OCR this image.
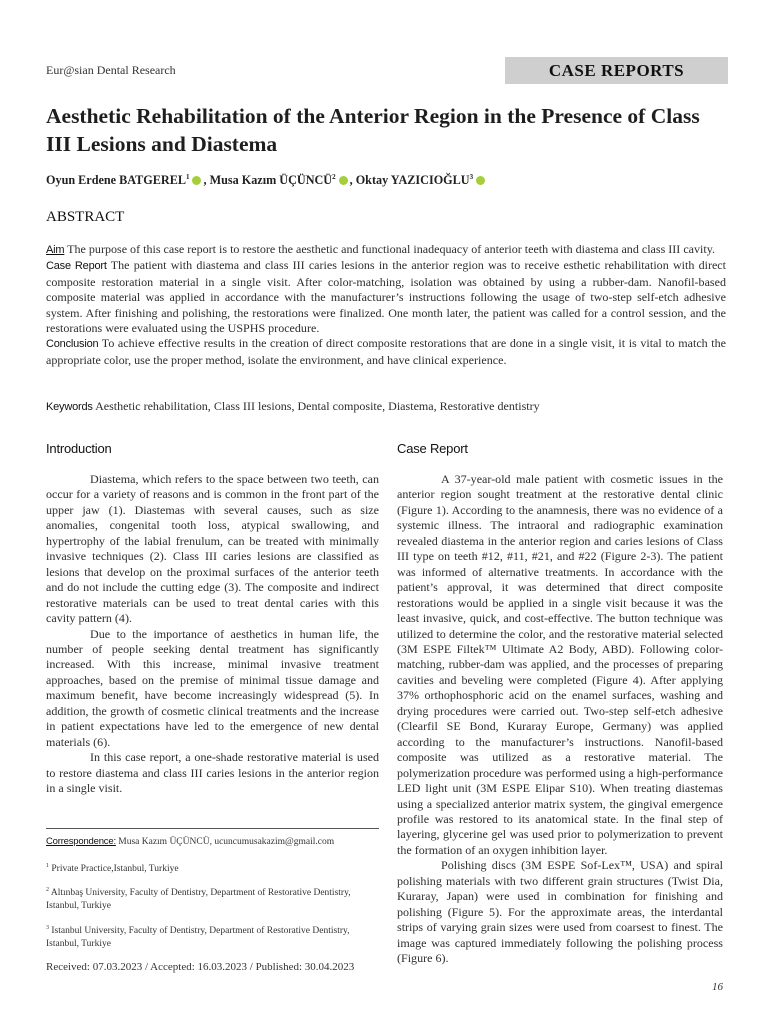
Eur@sian Dental Research	CASE REPORTS
Aesthetic Rehabilitation of the Anterior Region in the Presence of Class III Lesions and Diastema
Oyun Erdene BATGEREL$^1$ , Musa Kazım ÜÇÜNCÜ$^2$ , Oktay YAZICIOĞLU$^3$
ABSTRACT

Aim The purpose of this case report is to restore the aesthetic and functional inadequacy of anterior teeth with diastema and class III cavity.

Case Report The patient with diastema and class III caries lesions in the anterior region was to receive esthetic rehabilitation with direct composite restoration material in a single visit. After color-matching, isolation was obtained by using a rubber-dam. Nanofil-based composite material was applied in accordance with the manufacturer’s instructions following the usage of two-step self-etch adhesive system. After finishing and polishing, the restorations were finalized. One month later, the patient was called for a control session, and the restorations were evaluated using the USPHS procedure.

Conclusion To achieve effective results in the creation of direct composite restorations that are done in a single visit, it is vital to match the appropriate color, use the proper method, isolate the environment, and have clinical experience.

Keywords Aesthetic rehabilitation, Class III lesions, Dental composite, Diastema, Restorative dentistry
Introduction

Diastema, which refers to the space between two teeth, can occur for a variety of reasons and is common in the front part of the upper jaw (1). Diastemas with several causes, such as size anomalies, congenital tooth loss, atypical swallowing, and hypertrophy of the labial frenulum, can be treated with minimally invasive techniques (2). Class III caries lesions are classified as lesions that develop on the proximal surfaces of the anterior teeth and do not include the cutting edge (3). The composite and indirect restorative materials can be used to treat dental caries with this cavity pattern (4).

Due to the importance of aesthetics in human life, the number of people seeking dental treatment has significantly increased. With this increase, minimal invasive treatment approaches, based on the premise of minimal tissue damage and maximum benefit, have become increasingly widespread (5). In addition, the growth of cosmetic clinical treatments and the increase in patient expectations have led to the emergence of new dental materials (6).

In this case report, a one-shade restorative material is used to restore diastema and class III caries lesions in the anterior region in a single visit.

Case Report

A 37-year-old male patient with cosmetic issues in the anterior region sought treatment at the restorative dental clinic (Figure 1). According to the anamnesis, there was no evidence of a systemic illness. The intraoral and radiographic examination revealed diastema in the anterior region and caries lesions of Class III type on teeth #12, #11, #21, and #22 (Figure 2-3). The patient was informed of alternative treatments. In accordance with the patient’s approval, it was determined that direct composite restorations would be applied in a single visit because it was the least invasive, quick, and cost-effective. The button technique was utilized to determine the color, and the restorative material selected (3M ESPE Filtek™ Ultimate A2 Body, ABD). Following color-matching, rubber-dam was applied, and the processes of preparing cavities and beveling were completed (Figure 4). After applying 37% orthophosphoric acid on the enamel surfaces, washing and drying procedures were carried out. Two-step self-etch adhesive (Clearfil SE Bond, Kuraray Europe, Germany) was applied according to the manufacturer’s instructions. Nanofil-based composite was utilized as a restorative material. The polymerization procedure was performed using a high-performance LED light unit (3M ESPE Elipar S10). When treating diastemas using a specialized anterior matrix system, the gingival emergence profile was restored to its anatomical state. In the final step of layering, glycerine gel was used prior to polymerization to prevent the formation of an oxygen inhibition layer.

Polishing discs (3M ESPE Sof-Lex™, USA) and spiral polishing materials with two different grain structures (Twist Dia, Kuraray, Japan) were used in combination for finishing and polishing (Figure 5). For the approximate areas, the interdantal strips of varying grain sizes were used from coarsest to finest. The image was captured immediately following the polishing process (Figure 6).

Correspondence: Musa Kazım ÜÇÜNCÜ, ucuncumusakazim@gmail.com
$^1$ Private Practice,Istanbul, Turkiye
$^2$ Altınbaş University, Faculty of Dentistry, Department of Restorative Dentistry, Istanbul, Turkiye
$^3$ Istanbul University, Faculty of Dentistry, Department of Restorative Dentistry, Istanbul, Turkiye
Received: 07.03.2023 / Accepted: 16.03.2023 / Published: 30.04.2023
16
